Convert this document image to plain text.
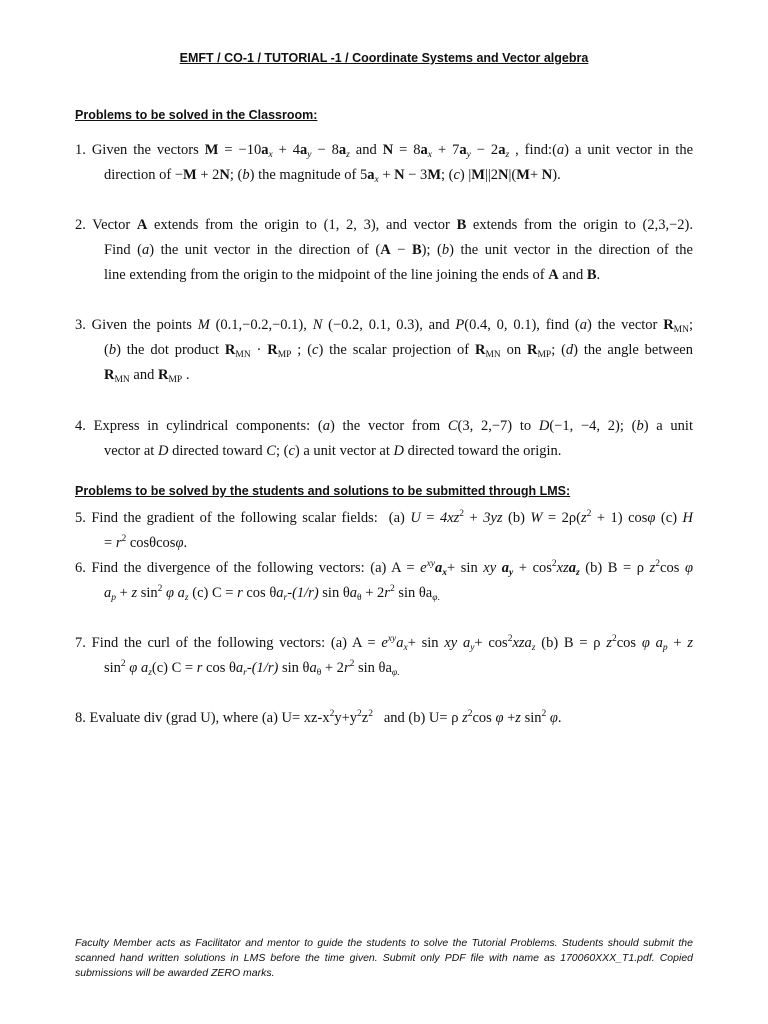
EMFT / CO-1 / TUTORIAL -1 / Coordinate Systems and Vector algebra
Problems to be solved in the Classroom:
1. Given the vectors $M = -10a_x + 4a_y - 8a_z$ and $N = 8a_x + 7a_y - 2a_z$ , find:(a) a unit vector in the
direction of −M + 2N; (b) the magnitude of $5a_x + N - 3M$; (c) |M||2N|(M+ N).
2. Vector A extends from the origin to (1, 2, 3), and vector B extends from the origin to (2,3,−2).
Find (a) the unit vector in the direction of (A − B); (b) the unit vector in the direction of the
line extending from the origin to the midpoint of the line joining the ends of A and B.
3. Given the points M (0.1,−0.2,−0.1), N (−0.2, 0.1, 0.3), and P(0.4, 0, 0.1), find (a) the vector $R_{MN}$;
(b) the dot product $R_{MN} \cdot R_{MP}$ ; (c) the scalar projection of $R_{MN}$ on $R_{MP}$; (d) the angle between
$R_{MN}$ and $R_{MP}$ .
4. Express in cylindrical components: (a) the vector from C(3, 2,−7) to D(−1, −4, 2); (b) a unit
vector at D directed toward C; (c) a unit vector at D directed toward the origin.
Problems to be solved by the students and solutions to be submitted through LMS:
5. Find the gradient of the following scalar fields:  (a) $U = 4xz^2 + 3yz$ (b) $W = 2\rho(z^2 + 1)$ cosφ (c) H
= $r^2$ cosθcosφ.
6. Find the divergence of the following vectors: (a) $A = e^{xy}a_x+ \sin$ xy $a_y + \cos^2xza_z$ (b) B = ρ $z^2\cos$ φ
$a_p + z$ $\sin^2 \varphi$ $a_z$ (c) C = r $\cos \theta a_r-(1/r)$ $\sin \theta a_\theta + 2r^2$ $\sin \theta a_{\varphi.}$
7. Find the curl of the following vectors: (a) $A = e^{xy}a_x+ \sin$ xy $a_y+ \cos^2xza_z$ (b) B = ρ $z^2\cos$ φ $a_p + z$
$\sin^2 \varphi$ $a_z(c) C = r$ $\cos \theta a_r-(1/r)$ $\sin \theta a_\theta + 2r^2$ $\sin \theta a_{\varphi.}$
8. Evaluate div (grad U), where (a) $U= xz-x^2y+y^2z^2$   and (b) U= ρ $z^2\cos$ φ +z $\sin^2 \varphi$.
Faculty Member acts as Facilitator and mentor to guide the students to solve the Tutorial Problems. Students should submit the scanned hand written solutions in LMS before the time given. Submit only PDF file with name as 170060XXX_T1.pdf. Copied submissions will be awarded ZERO marks.
